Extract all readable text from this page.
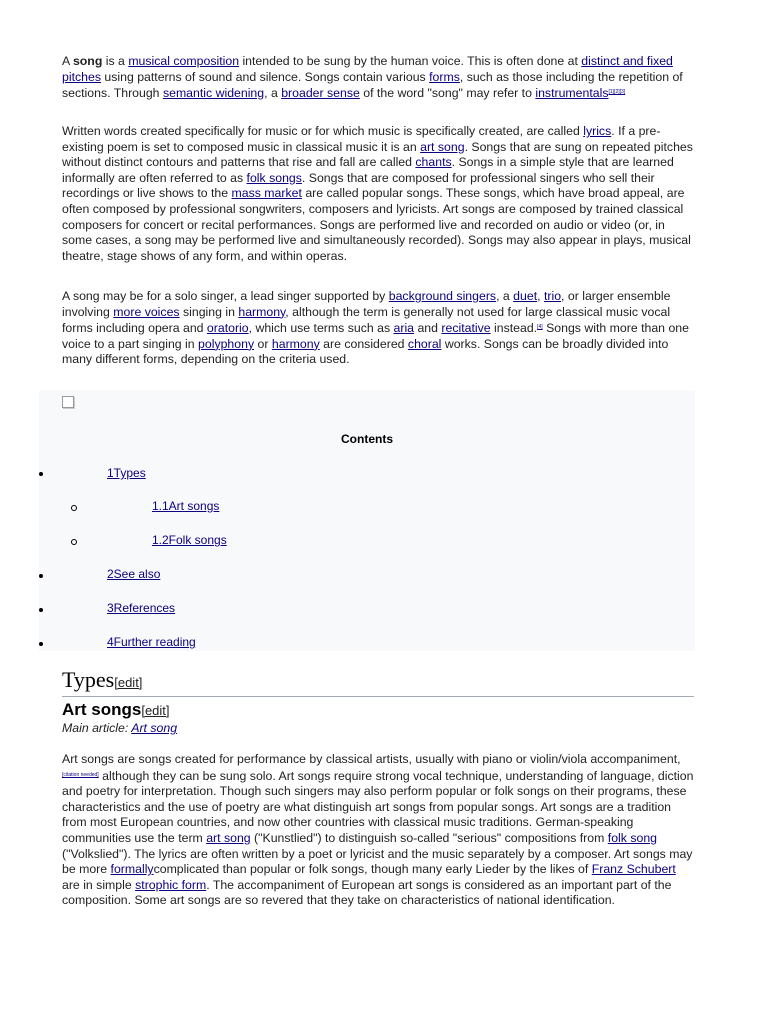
A song is a musical composition intended to be sung by the human voice. This is often done at distinct and fixed pitches using patterns of sound and silence. Songs contain various forms, such as those including the repetition of sections. Through semantic widening, a broader sense of the word "song" may refer to instrumentals[1][2][3]

Written words created specifically for music or for which music is specifically created, are called lyrics. If a pre-existing poem is set to composed music in classical music it is an art song. Songs that are sung on repeated pitches without distinct contours and patterns that rise and fall are called chants. Songs in a simple style that are learned informally are often referred to as folk songs. Songs that are composed for professional singers who sell their recordings or live shows to the mass market are called popular songs. These songs, which have broad appeal, are often composed by professional songwriters, composers and lyricists. Art songs are composed by trained classical composers for concert or recital performances. Songs are performed live and recorded on audio or video (or, in some cases, a song may be performed live and simultaneously recorded). Songs may also appear in plays, musical theatre, stage shows of any form, and within operas.

A song may be for a solo singer, a lead singer supported by background singers, a duet, trio, or larger ensemble involving more voices singing in harmony, although the term is generally not used for large classical music vocal forms including opera and oratorio, which use terms such as aria and recitative instead.[4] Songs with more than one voice to a part singing in polyphony or harmony are considered choral works. Songs can be broadly divided into many different forms, depending on the criteria used.

Contents
1Types
1.1Art songs
1.2Folk songs
2See also
3References
4Further reading
Types[edit]
Art songs[edit]
Main article: Art song

Art songs are songs created for performance by classical artists, usually with piano or violin/viola accompaniment,[citation needed] although they can be sung solo. Art songs require strong vocal technique, understanding of language, diction and poetry for interpretation. Though such singers may also perform popular or folk songs on their programs, these characteristics and the use of poetry are what distinguish art songs from popular songs. Art songs are a tradition from most European countries, and now other countries with classical music traditions. German-speaking communities use the term art song ("Kunstlied") to distinguish so-called "serious" compositions from folk song ("Volkslied"). The lyrics are often written by a poet or lyricist and the music separately by a composer. Art songs may be more formallycomplicated than popular or folk songs, though many early Lieder by the likes of Franz Schubert are in simple strophic form. The accompaniment of European art songs is considered as an important part of the composition. Some art songs are so revered that they take on characteristics of national identification.
